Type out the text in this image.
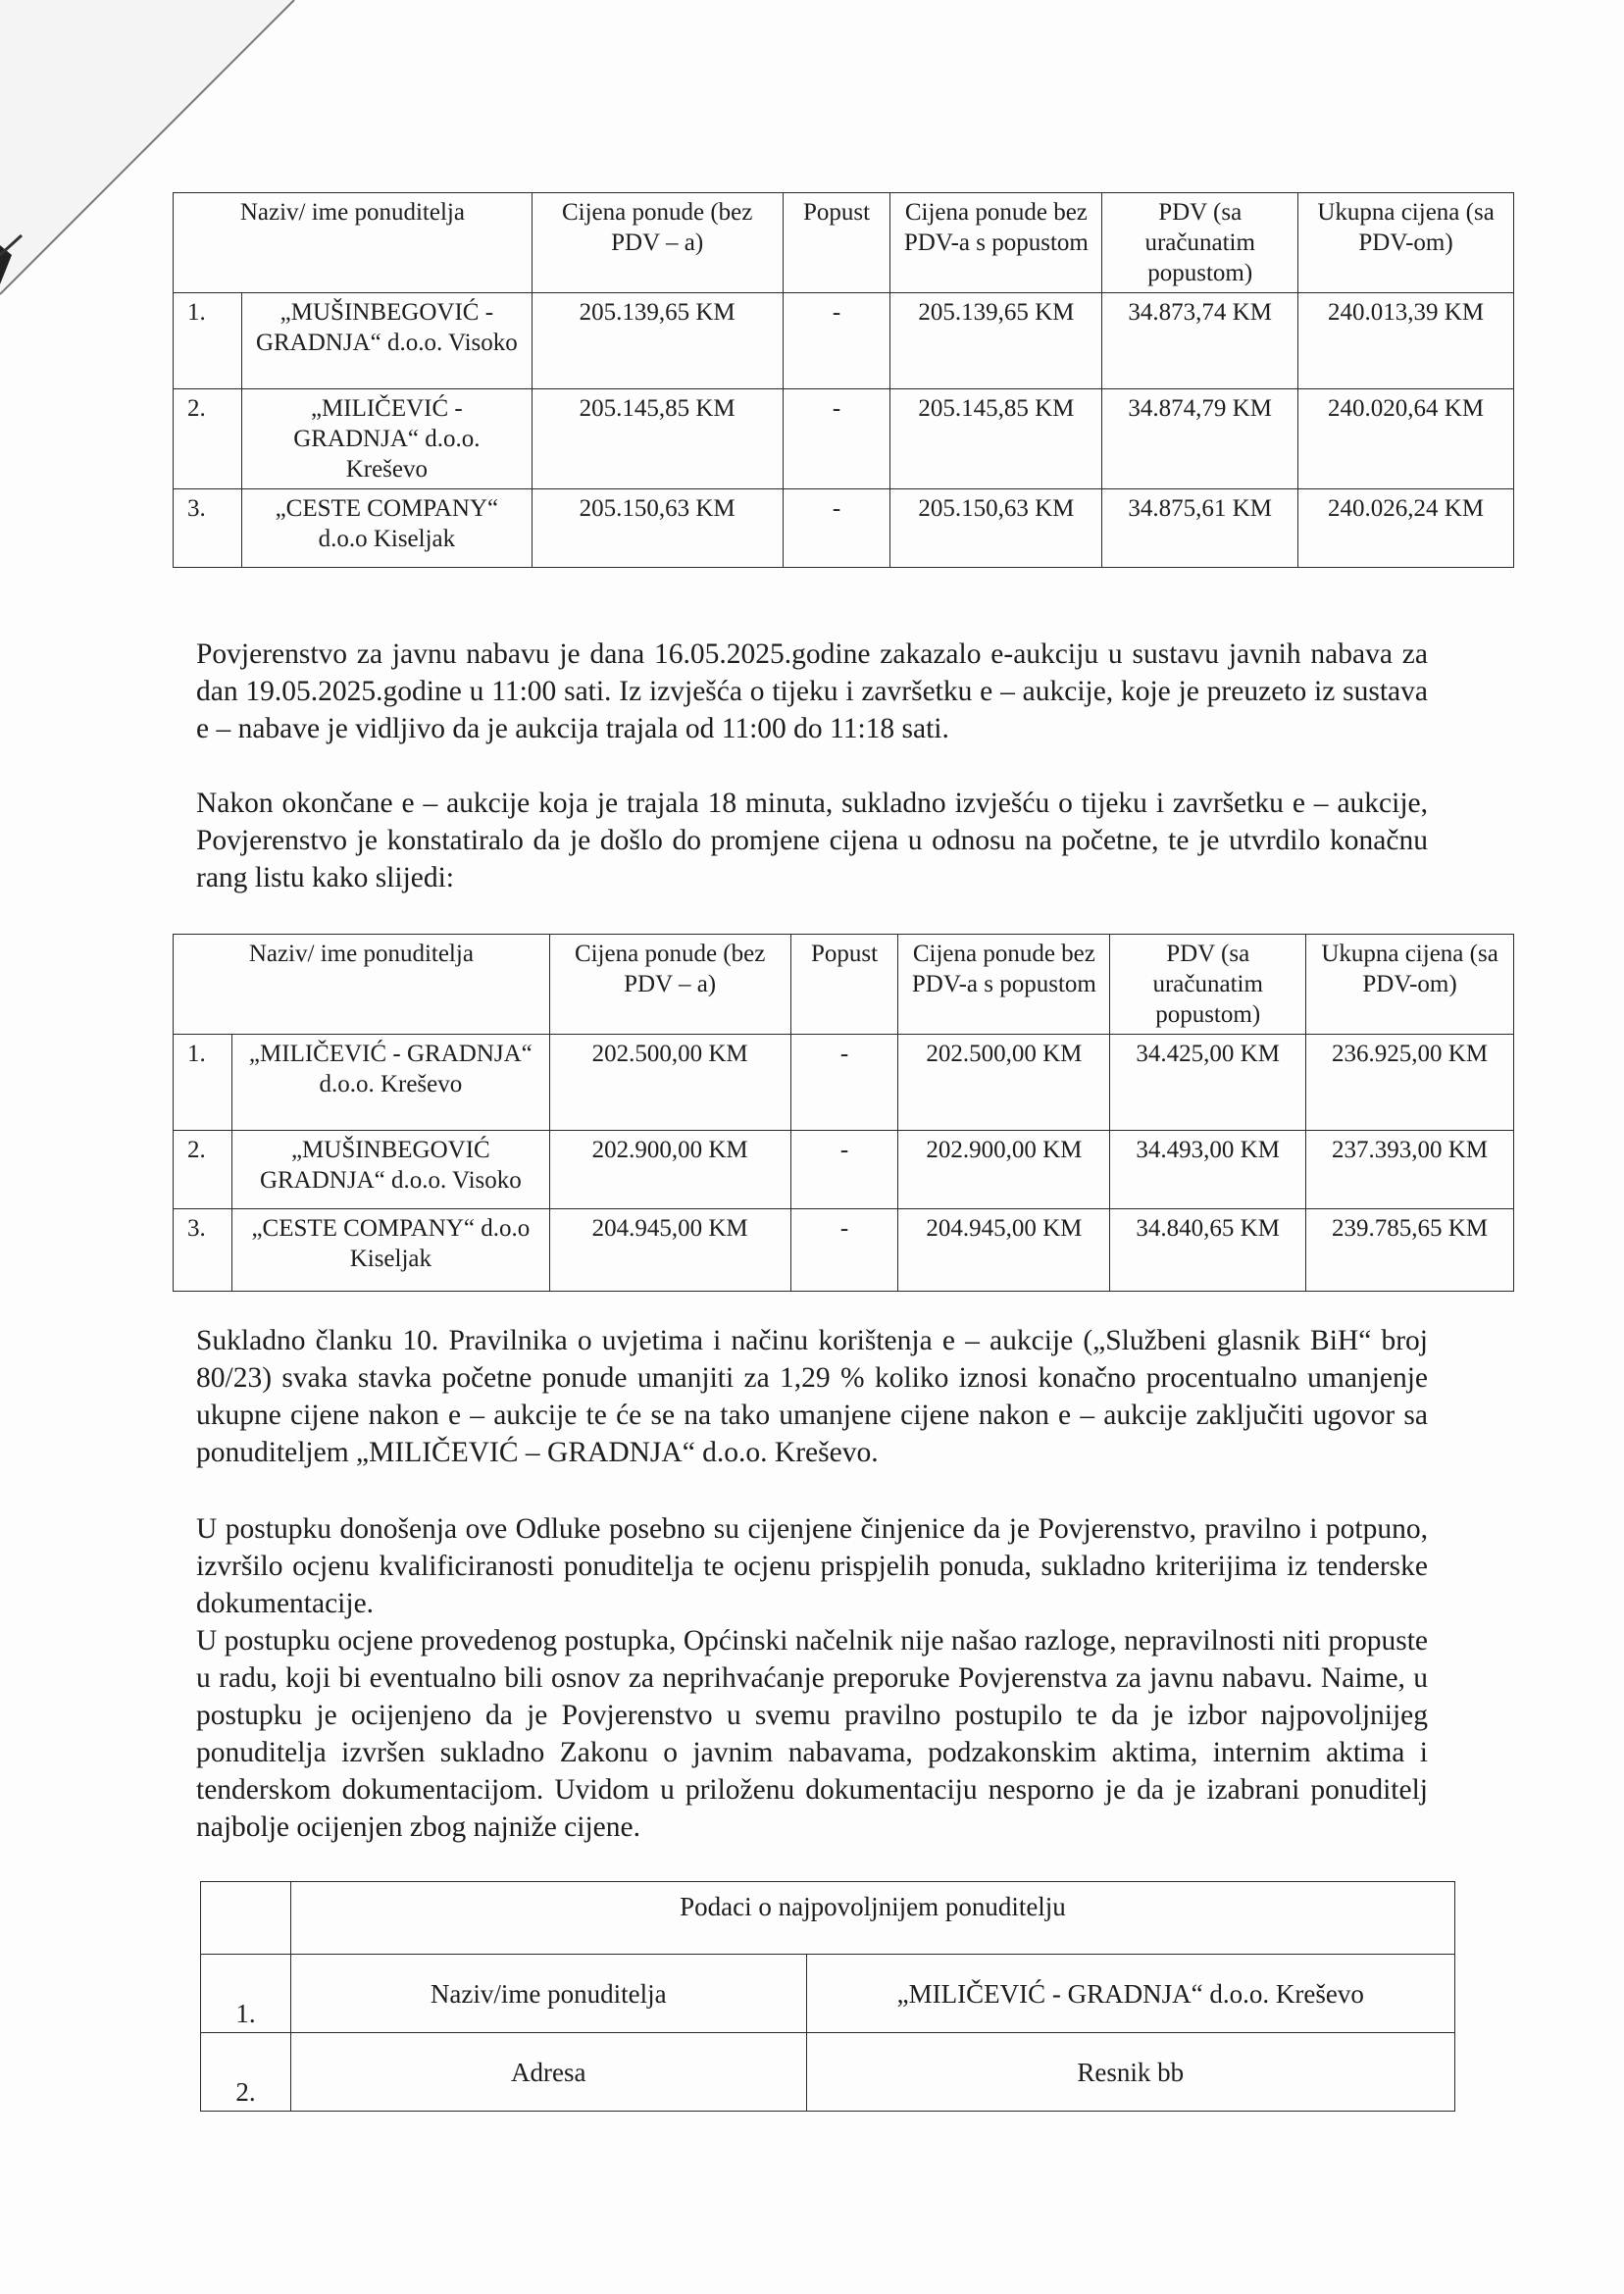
Naziv/ ime ponuditelja		Cijena ponude (bez PDV – a)	Popust	Cijena ponude bez PDV-a s popustom	PDV (sa uračunatim popustom)	Ukupna cijena (sa PDV-om)
1.	„MUŠINBEGOVIĆ - GRADNJA“ d.o.o. Visoko	205.139,65 KM	-	205.139,65 KM	34.873,74 KM	240.013,39 KM
2.	„MILIČEVIĆ - GRADNJA“ d.o.o. Kreševo	205.145,85 KM	-	205.145,85 KM	34.874,79 KM	240.020,64 KM
3.	„CESTE COMPANY“ d.o.o Kiseljak	205.150,63 KM	-	205.150,63 KM	34.875,61 KM	240.026,24 KM

Povjerenstvo za javnu nabavu je dana 16.05.2025.godine zakazalo e-aukciju u sustavu javnih nabava za dan 19.05.2025.godine u 11:00 sati. Iz izvješća o tijeku i završetku e – aukcije, koje je preuzeto iz sustava e – nabave je vidljivo da je aukcija trajala od 11:00 do 11:18 sati.

Nakon okončane e – aukcije koja je trajala 18 minuta, sukladno izvješću o tijeku i završetku e – aukcije, Povjerenstvo je konstatiralo da je došlo do promjene cijena u odnosu na početne, te je utvrdilo konačnu rang listu kako slijedi:

Naziv/ ime ponuditelja		Cijena ponude (bez PDV – a)	Popust	Cijena ponude bez PDV-a s popustom	PDV (sa uračunatim popustom)	Ukupna cijena (sa PDV-om)
1.	„MILIČEVIĆ - GRADNJA“ d.o.o. Kreševo	202.500,00 KM	-	202.500,00 KM	34.425,00 KM	236.925,00 KM
2.	„MUŠINBEGOVIĆ GRADNJA“ d.o.o. Visoko	202.900,00 KM	-	202.900,00 KM	34.493,00 KM	237.393,00 KM
3.	„CESTE COMPANY“ d.o.o Kiseljak	204.945,00 KM	-	204.945,00 KM	34.840,65 KM	239.785,65 KM

Sukladno članku 10. Pravilnika o uvjetima i načinu korištenja e – aukcije („Službeni glasnik BiH“ broj 80/23) svaka stavka početne ponude umanjiti za 1,29 % koliko iznosi konačno procentualno umanjenje ukupne cijene nakon e – aukcije te će se na tako umanjene cijene nakon e – aukcije zaključiti ugovor sa ponuditeljem „MILIČEVIĆ – GRADNJA“ d.o.o. Kreševo.

U postupku donošenja ove Odluke posebno su cijenjene činjenice da je Povjerenstvo, pravilno i potpuno, izvršilo ocjenu kvalificiranosti ponuditelja te ocjenu prispjelih ponuda, sukladno kriterijima iz tenderske dokumentacije.

U postupku ocjene provedenog postupka, Općinski načelnik nije našao razloge, nepravilnosti niti propuste u radu, koji bi eventualno bili osnov za neprihvaćanje preporuke Povjerenstva za javnu nabavu. Naime, u postupku je ocijenjeno da je Povjerenstvo u svemu pravilno postupilo te da je izbor najpovoljnijeg ponuditelja izvršen sukladno Zakonu o javnim nabavama, podzakonskim aktima, internim aktima i tenderskom dokumentacijom. Uvidom u priloženu dokumentaciju nesporno je da je izabrani ponuditelj najbolje ocijenjen zbog najniže cijene.

	Podaci o najpovoljnijem ponuditelju	
1.	Naziv/ime ponuditelja	„MILIČEVIĆ - GRADNJA“ d.o.o. Kreševo
2.	Adresa	Resnik bb
